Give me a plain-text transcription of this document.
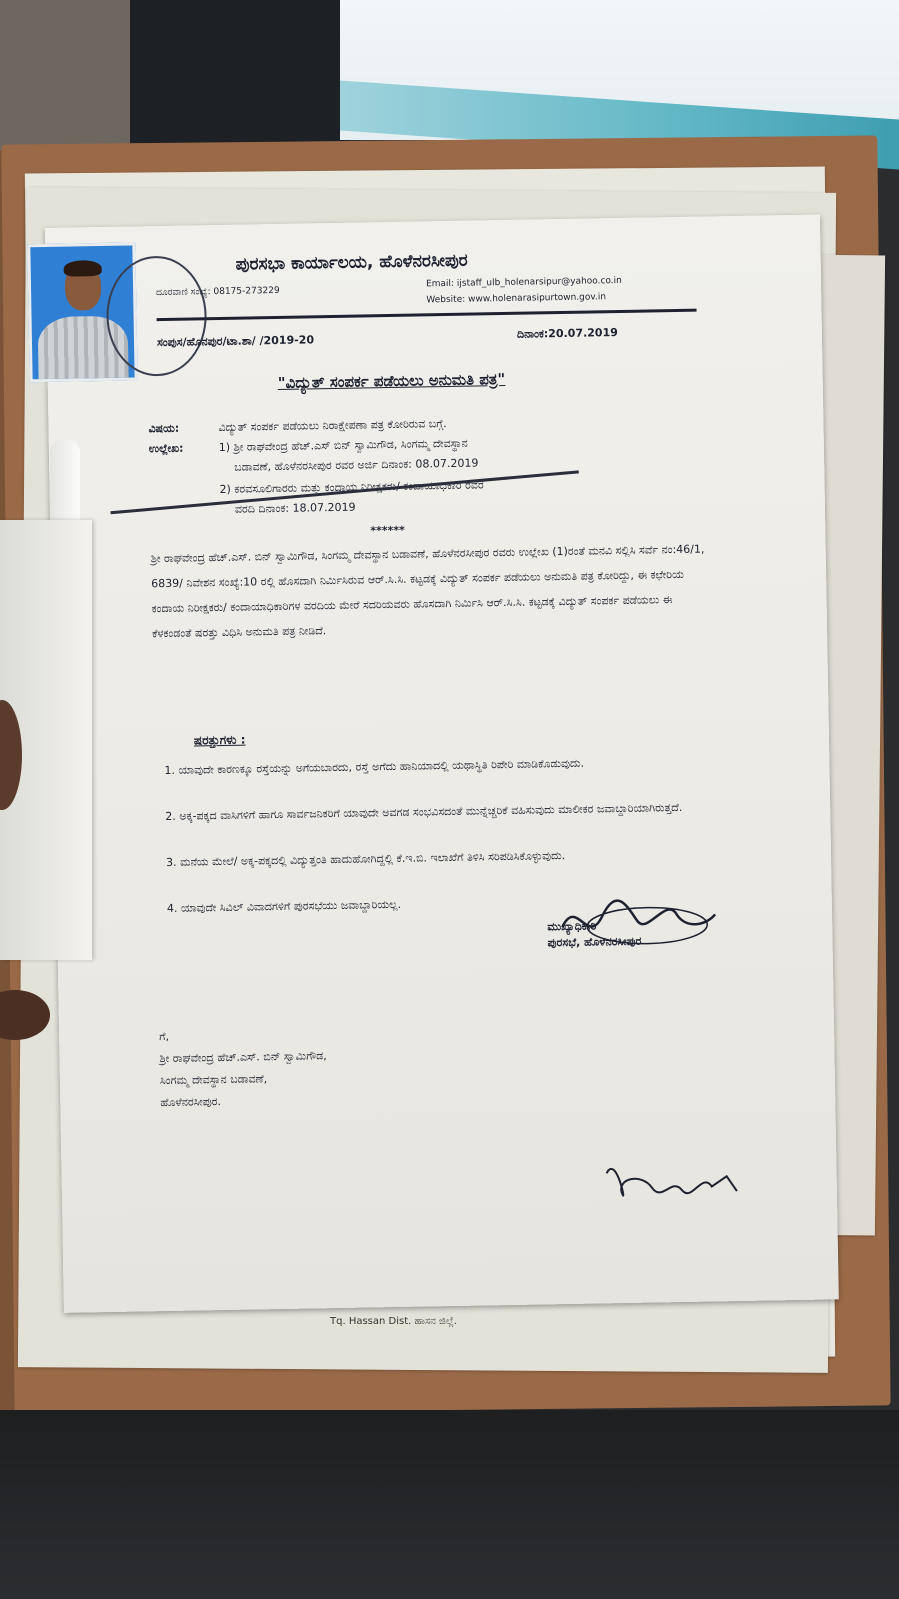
Tq. Hassan Dist. ಹಾಸನ ಜಿಲ್ಲೆ.
ಪುರಸಭಾ ಕಾರ್ಯಾಲಯ, ಹೊಳೆನರಸೀಪುರ
ದೂರವಾಣಿ ಸಂಖ್ಯೆ: 08175-273229
Email: ijstaff_ulb_holenarsipur@yahoo.co.in
Website: www.holenarasipurtown.gov.in
ಸಂಪುಸ/ಹೊನಪುರ/ಟಾ.ಶಾ/ /2019-20	ದಿನಾಂಕ:20.07.2019
"ವಿದ್ಯುತ್ ಸಂಪರ್ಕ ಪಡೆಯಲು ಅನುಮತಿ ಪತ್ರ"
ವಿಷಯ:	ವಿದ್ಯುತ್ ಸಂಪರ್ಕ ಪಡೆಯಲು ನಿರಾಕ್ಷೇಪಣಾ ಪತ್ರ ಕೋರಿರುವ ಬಗ್ಗೆ.
ಉಲ್ಲೇಖ:	1) ಶ್ರೀ ರಾಘವೇಂದ್ರ ಹೆಚ್.ಎಸ್ ಬಿನ್ ಸ್ವಾಮಿಗೌಡ, ಸಿಂಗಮ್ಮ ದೇವಸ್ಥಾನ
ಬಡಾವಣೆ, ಹೊಳೆನರಸೀಪುರ ರವರ ಅರ್ಜಿ ದಿನಾಂಕ: 08.07.2019
2) ಕರವಸೂಲಿಗಾರರು ಮತ್ತು ಕಂದಾಯ ನಿರೀಕ್ಷಕರು/ ಕಂದಾಯಾಧಿಕಾರಿ ರವರ
ವರದಿ ದಿನಾಂಕ: 18.07.2019
******
ಶ್ರೀ ರಾಘವೇಂದ್ರ ಹೆಚ್.ಎಸ್. ಬಿನ್ ಸ್ವಾಮಿಗೌಡ, ಸಿಂಗಮ್ಮ ದೇವಸ್ಥಾನ ಬಡಾವಣೆ, ಹೊಳೆನರಸೀಪುರ ರವರು ಉಲ್ಲೇಖ (1)ರಂತೆ ಮನವಿ ಸಲ್ಲಿಸಿ ಸರ್ವೆ ನಂ:46/1, 6839/ ನಿವೇಶನ ಸಂಖ್ಯೆ:10 ರಲ್ಲಿ ಹೊಸದಾಗಿ ನಿರ್ಮಿಸಿರುವ ಆರ್.ಸಿ.ಸಿ. ಕಟ್ಟಡಕ್ಕೆ ವಿದ್ಯುತ್ ಸಂಪರ್ಕ ಪಡೆಯಲು ಅನುಮತಿ ಪತ್ರ ಕೋರಿದ್ದು, ಈ ಕಛೇರಿಯ ಕಂದಾಯ ನಿರೀಕ್ಷಕರು/ ಕಂದಾಯಾಧಿಕಾರಿಗಳ ವರದಿಯ ಮೇರೆ ಸದರಿಯವರು ಹೊಸದಾಗಿ ನಿರ್ಮಿಸಿ ಆರ್.ಸಿ.ಸಿ. ಕಟ್ಟಡಕ್ಕೆ ವಿದ್ಯುತ್ ಸಂಪರ್ಕ ಪಡೆಯಲು ಈ ಕೆಳಕಂಡಂತೆ ಷರತ್ತು ವಿಧಿಸಿ ಅನುಮತಿ ಪತ್ರ ನೀಡಿದೆ.
ಷರತ್ತುಗಳು :
1. ಯಾವುದೇ ಕಾರಣಕ್ಕೂ ರಸ್ತೆಯನ್ನು ಅಗೆಯಬಾರದು, ರಸ್ತೆ ಅಗೆದು ಹಾನಿಯಾದಲ್ಲಿ ಯಥಾಸ್ಥಿತಿ ರಿಪೇರಿ ಮಾಡಿಕೊಡುವುದು.
2. ಅಕ್ಕ-ಪಕ್ಕದ ವಾಸಿಗಳಿಗೆ ಹಾಗೂ ಸಾರ್ವಜನಿಕರಿಗೆ ಯಾವುದೇ ಅವಗಡ ಸಂಭವಿಸದಂತೆ ಮುನ್ನೆಚ್ಚರಿಕೆ ವಹಿಸುವುದು ಮಾಲೀಕರ ಜವಾಬ್ದಾರಿಯಾಗಿರುತ್ತದೆ.
3. ಮನೆಯ ಮೇಲೆ/ ಅಕ್ಕ-ಪಕ್ಕದಲ್ಲಿ ವಿದ್ಯುತ್ತಂತಿ ಹಾದುಹೋಗಿದ್ದಲ್ಲಿ ಕೆ.ಇ.ಬಿ. ಇಲಾಖೆಗೆ ತಿಳಿಸಿ ಸರಿಪಡಿಸಿಕೊಳ್ಳುವುದು.
4. ಯಾವುದೇ ಸಿವಿಲ್ ವಿವಾದಗಳಿಗೆ ಪುರಸಭೆಯು ಜವಾಬ್ದಾರಿಯಲ್ಲ.
ಮುಖ್ಯಾಧಿಕಾರಿ
ಪುರಸಭೆ, ಹೊಳೆನರಸೀಪುರ
ಗೆ,
ಶ್ರೀ ರಾಘವೇಂದ್ರ ಹೆಚ್.ಎಸ್. ಬಿನ್ ಸ್ವಾಮಿಗೌಡ,
ಸಿಂಗಮ್ಮ ದೇವಸ್ಥಾನ ಬಡಾವಣೆ,
ಹೊಳೆನರಸೀಪುರ.
